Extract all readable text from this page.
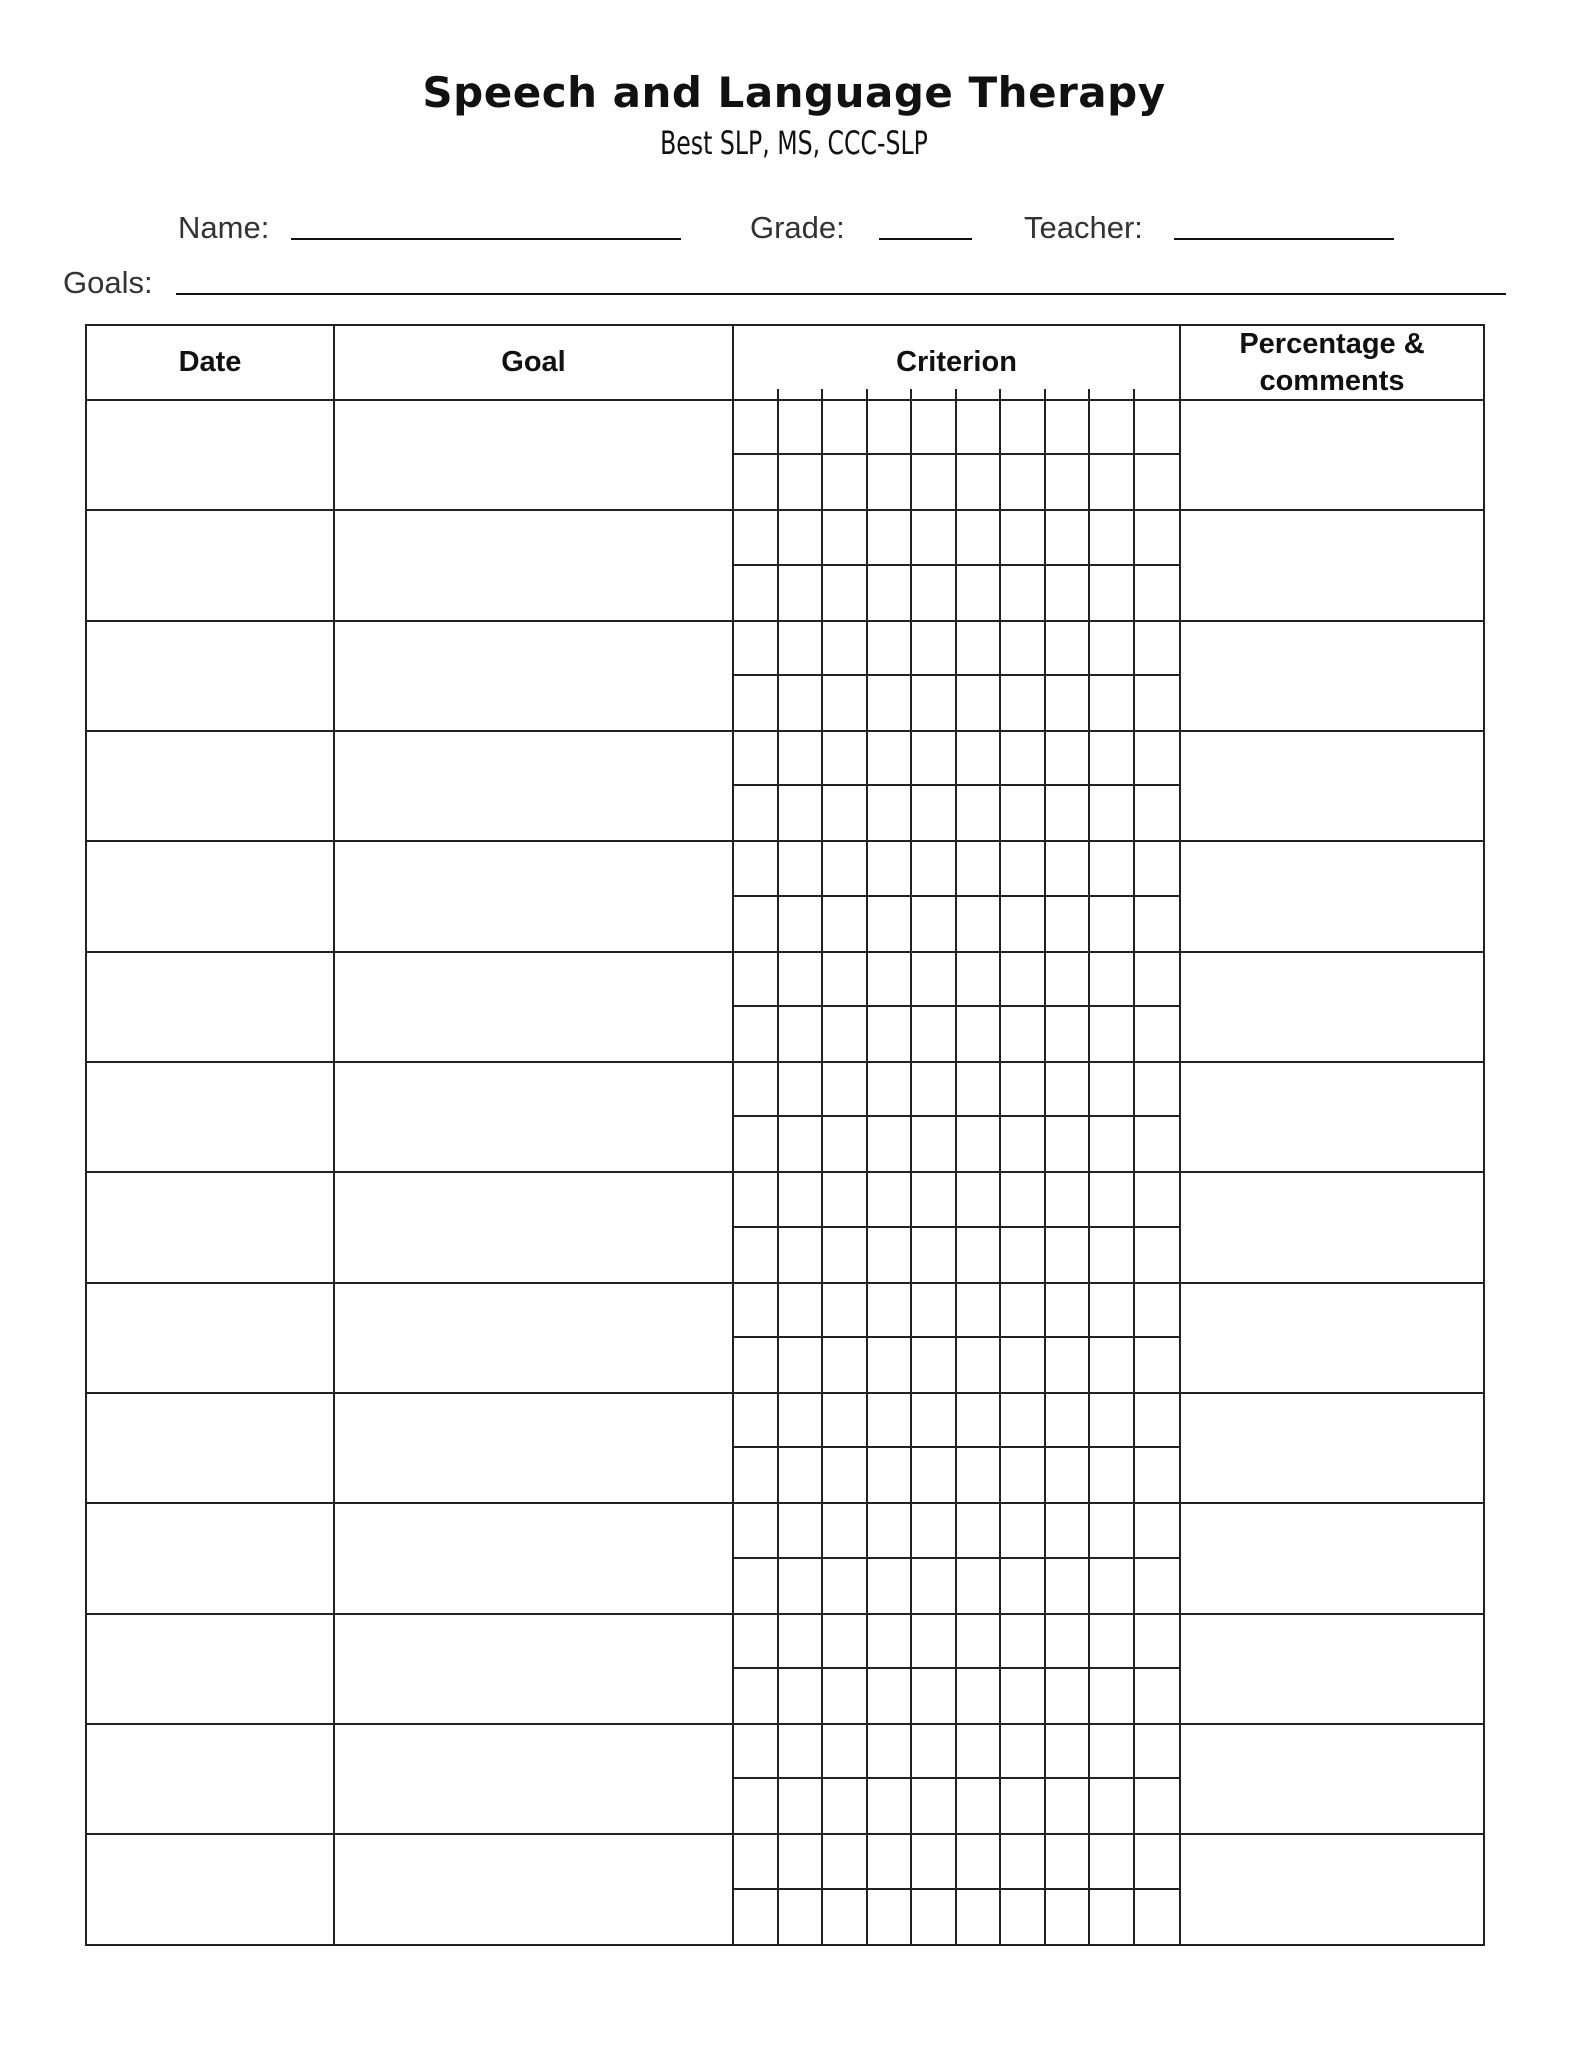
Speech and Language Therapy
Best SLP, MS, CCC-SLP
Name:	Grade:	Teacher:
Goals:
Date	Goal	Criterion	Percentage & comments
